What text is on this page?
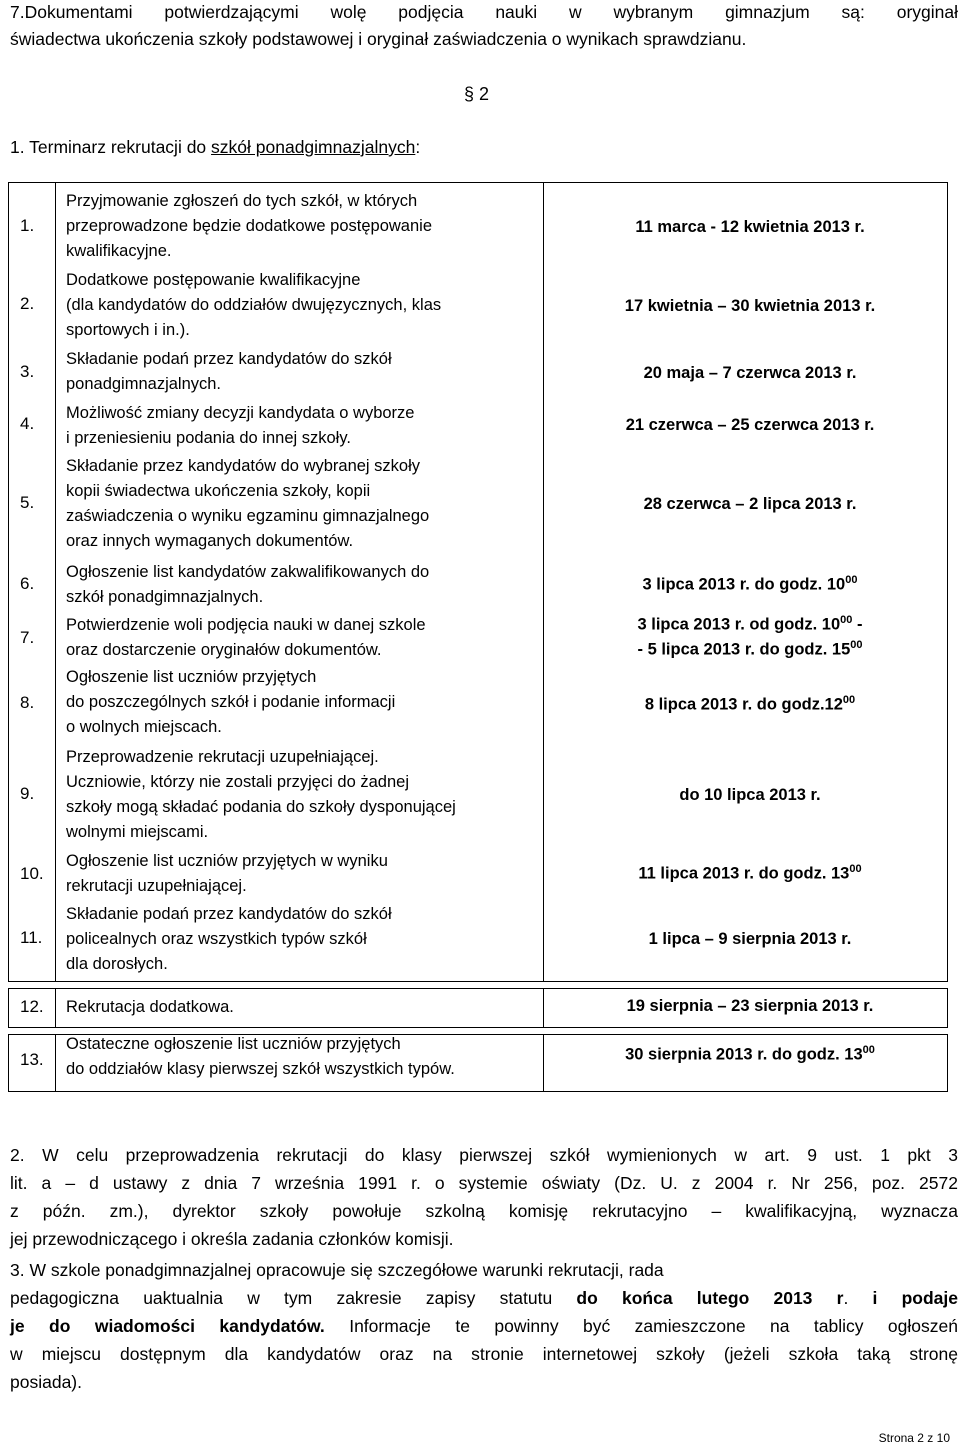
7.Dokumentami potwierdzającymi wolę podjęcia nauki w wybranym gimnazjum są: oryginał
świadectwa ukończenia szkoły podstawowej i oryginał zaświadczenia o wynikach sprawdzianu.
§ 2
1. Terminarz rekrutacji do szkół ponadgimnazjalnych:
1.
Przyjmowanie zgłoszeń do tych szkół, w których
przeprowadzone będzie dodatkowe postępowanie
kwalifikacyjne.
11 marca - 12 kwietnia 2013 r.
2.
Dodatkowe postępowanie kwalifikacyjne
(dla kandydatów do oddziałów dwujęzycznych, klas
sportowych i in.).
17 kwietnia – 30 kwietnia 2013 r.
3.
Składanie podań przez kandydatów do szkół
ponadgimnazjalnych.
20 maja – 7 czerwca 2013 r.
4.
Możliwość zmiany decyzji kandydata o wyborze
i przeniesieniu podania do innej szkoły.
21 czerwca – 25 czerwca 2013 r.
5.
Składanie przez kandydatów do wybranej szkoły
kopii świadectwa ukończenia szkoły, kopii
zaświadczenia o wyniku egzaminu gimnazjalnego
oraz innych wymaganych dokumentów.
28 czerwca – 2 lipca 2013 r.
6.
Ogłoszenie list kandydatów zakwalifikowanych do
szkół ponadgimnazjalnych.
3 lipca 2013 r. do godz. $10^{00}$
7.
Potwierdzenie woli podjęcia nauki w danej szkole
oraz dostarczenie oryginałów dokumentów.
3 lipca 2013 r. od godz. $10^{00}$ -
- 5 lipca 2013 r. do godz. $15^{00}$
8.
Ogłoszenie list uczniów przyjętych
do poszczególnych szkół i podanie informacji
o wolnych miejscach.
8 lipca 2013 r. do $godz.12^{00}$
9.
Przeprowadzenie rekrutacji uzupełniającej.
Uczniowie, którzy nie zostali przyjęci do żadnej
szkoły mogą składać podania do szkoły dysponującej
wolnymi miejscami.
do 10 lipca 2013 r.
10.
Ogłoszenie list uczniów przyjętych w wyniku
rekrutacji uzupełniającej.
11 lipca 2013 r. do godz. $13^{00}$
11.
Składanie podań przez kandydatów do szkół
policealnych oraz wszystkich typów szkół
dla dorosłych.
1 lipca – 9 sierpnia 2013 r.
12. Rekrutacja dodatkowa.	19 sierpnia – 23 sierpnia 2013 r.
13.
Ostateczne ogłoszenie list uczniów przyjętych
do oddziałów klasy pierwszej szkół wszystkich typów.
30 sierpnia 2013 r. do godz. $13^{00}$
2. W celu przeprowadzenia rekrutacji do klasy pierwszej szkół wymienionych w art. 9 ust. 1 pkt 3
lit. a – d ustawy z dnia 7 września 1991 r. o systemie oświaty (Dz. U. z 2004 r. Nr 256, poz. 2572
z późn. zm.), dyrektor szkoły powołuje szkolną komisję rekrutacyjno – kwalifikacyjną, wyznacza
jej przewodniczącego i określa zadania członków komisji.
3. W szkole ponadgimnazjalnej opracowuje się szczegółowe warunki rekrutacji, rada
pedagogiczna uaktualnia w tym zakresie zapisy statutu do końca lutego 2013 r. i podaje
je do wiadomości kandydatów. Informacje te powinny być zamieszczone na tablicy ogłoszeń
w miejscu dostępnym dla kandydatów oraz na stronie internetowej szkoły (jeżeli szkoła taką stronę
posiada).
Strona 2 z 10
